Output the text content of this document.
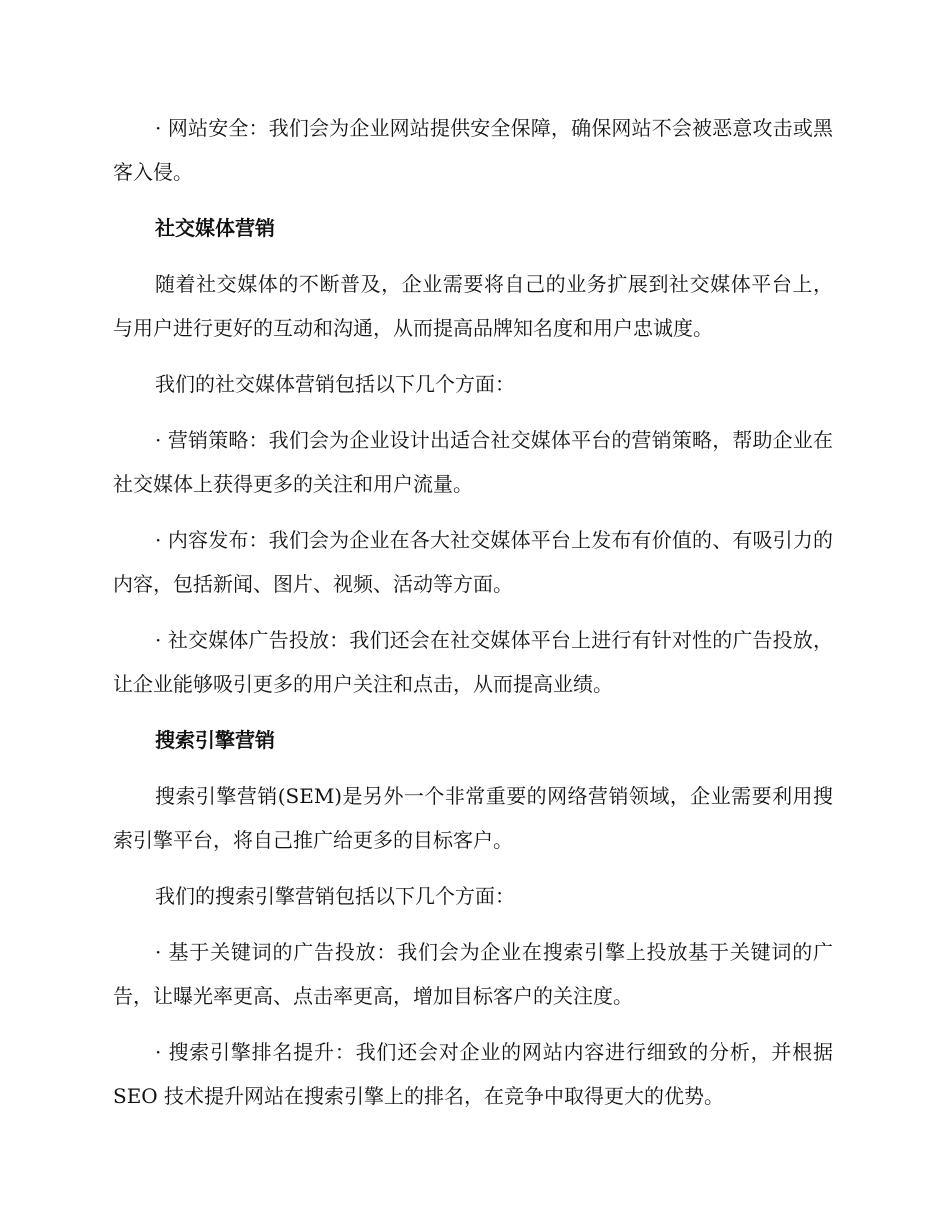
· 网站安全：我们会为企业网站提供安全保障，确保网站不会被恶意攻击或黑客入侵。

社交媒体营销

随着社交媒体的不断普及，企业需要将自己的业务扩展到社交媒体平台上，与用户进行更好的互动和沟通，从而提高品牌知名度和用户忠诚度。

我们的社交媒体营销包括以下几个方面：

· 营销策略：我们会为企业设计出适合社交媒体平台的营销策略，帮助企业在社交媒体上获得更多的关注和用户流量。

· 内容发布：我们会为企业在各大社交媒体平台上发布有价值的、有吸引力的内容，包括新闻、图片、视频、活动等方面。

· 社交媒体广告投放：我们还会在社交媒体平台上进行有针对性的广告投放，让企业能够吸引更多的用户关注和点击，从而提高业绩。

搜索引擎营销

搜索引擎营销(SEM)是另外一个非常重要的网络营销领域，企业需要利用搜索引擎平台，将自己推广给更多的目标客户。

我们的搜索引擎营销包括以下几个方面：

· 基于关键词的广告投放：我们会为企业在搜索引擎上投放基于关键词的广告，让曝光率更高、点击率更高，增加目标客户的关注度。

· 搜索引擎排名提升：我们还会对企业的网站内容进行细致的分析，并根据 SEO 技术提升网站在搜索引擎上的排名，在竞争中取得更大的优势。
